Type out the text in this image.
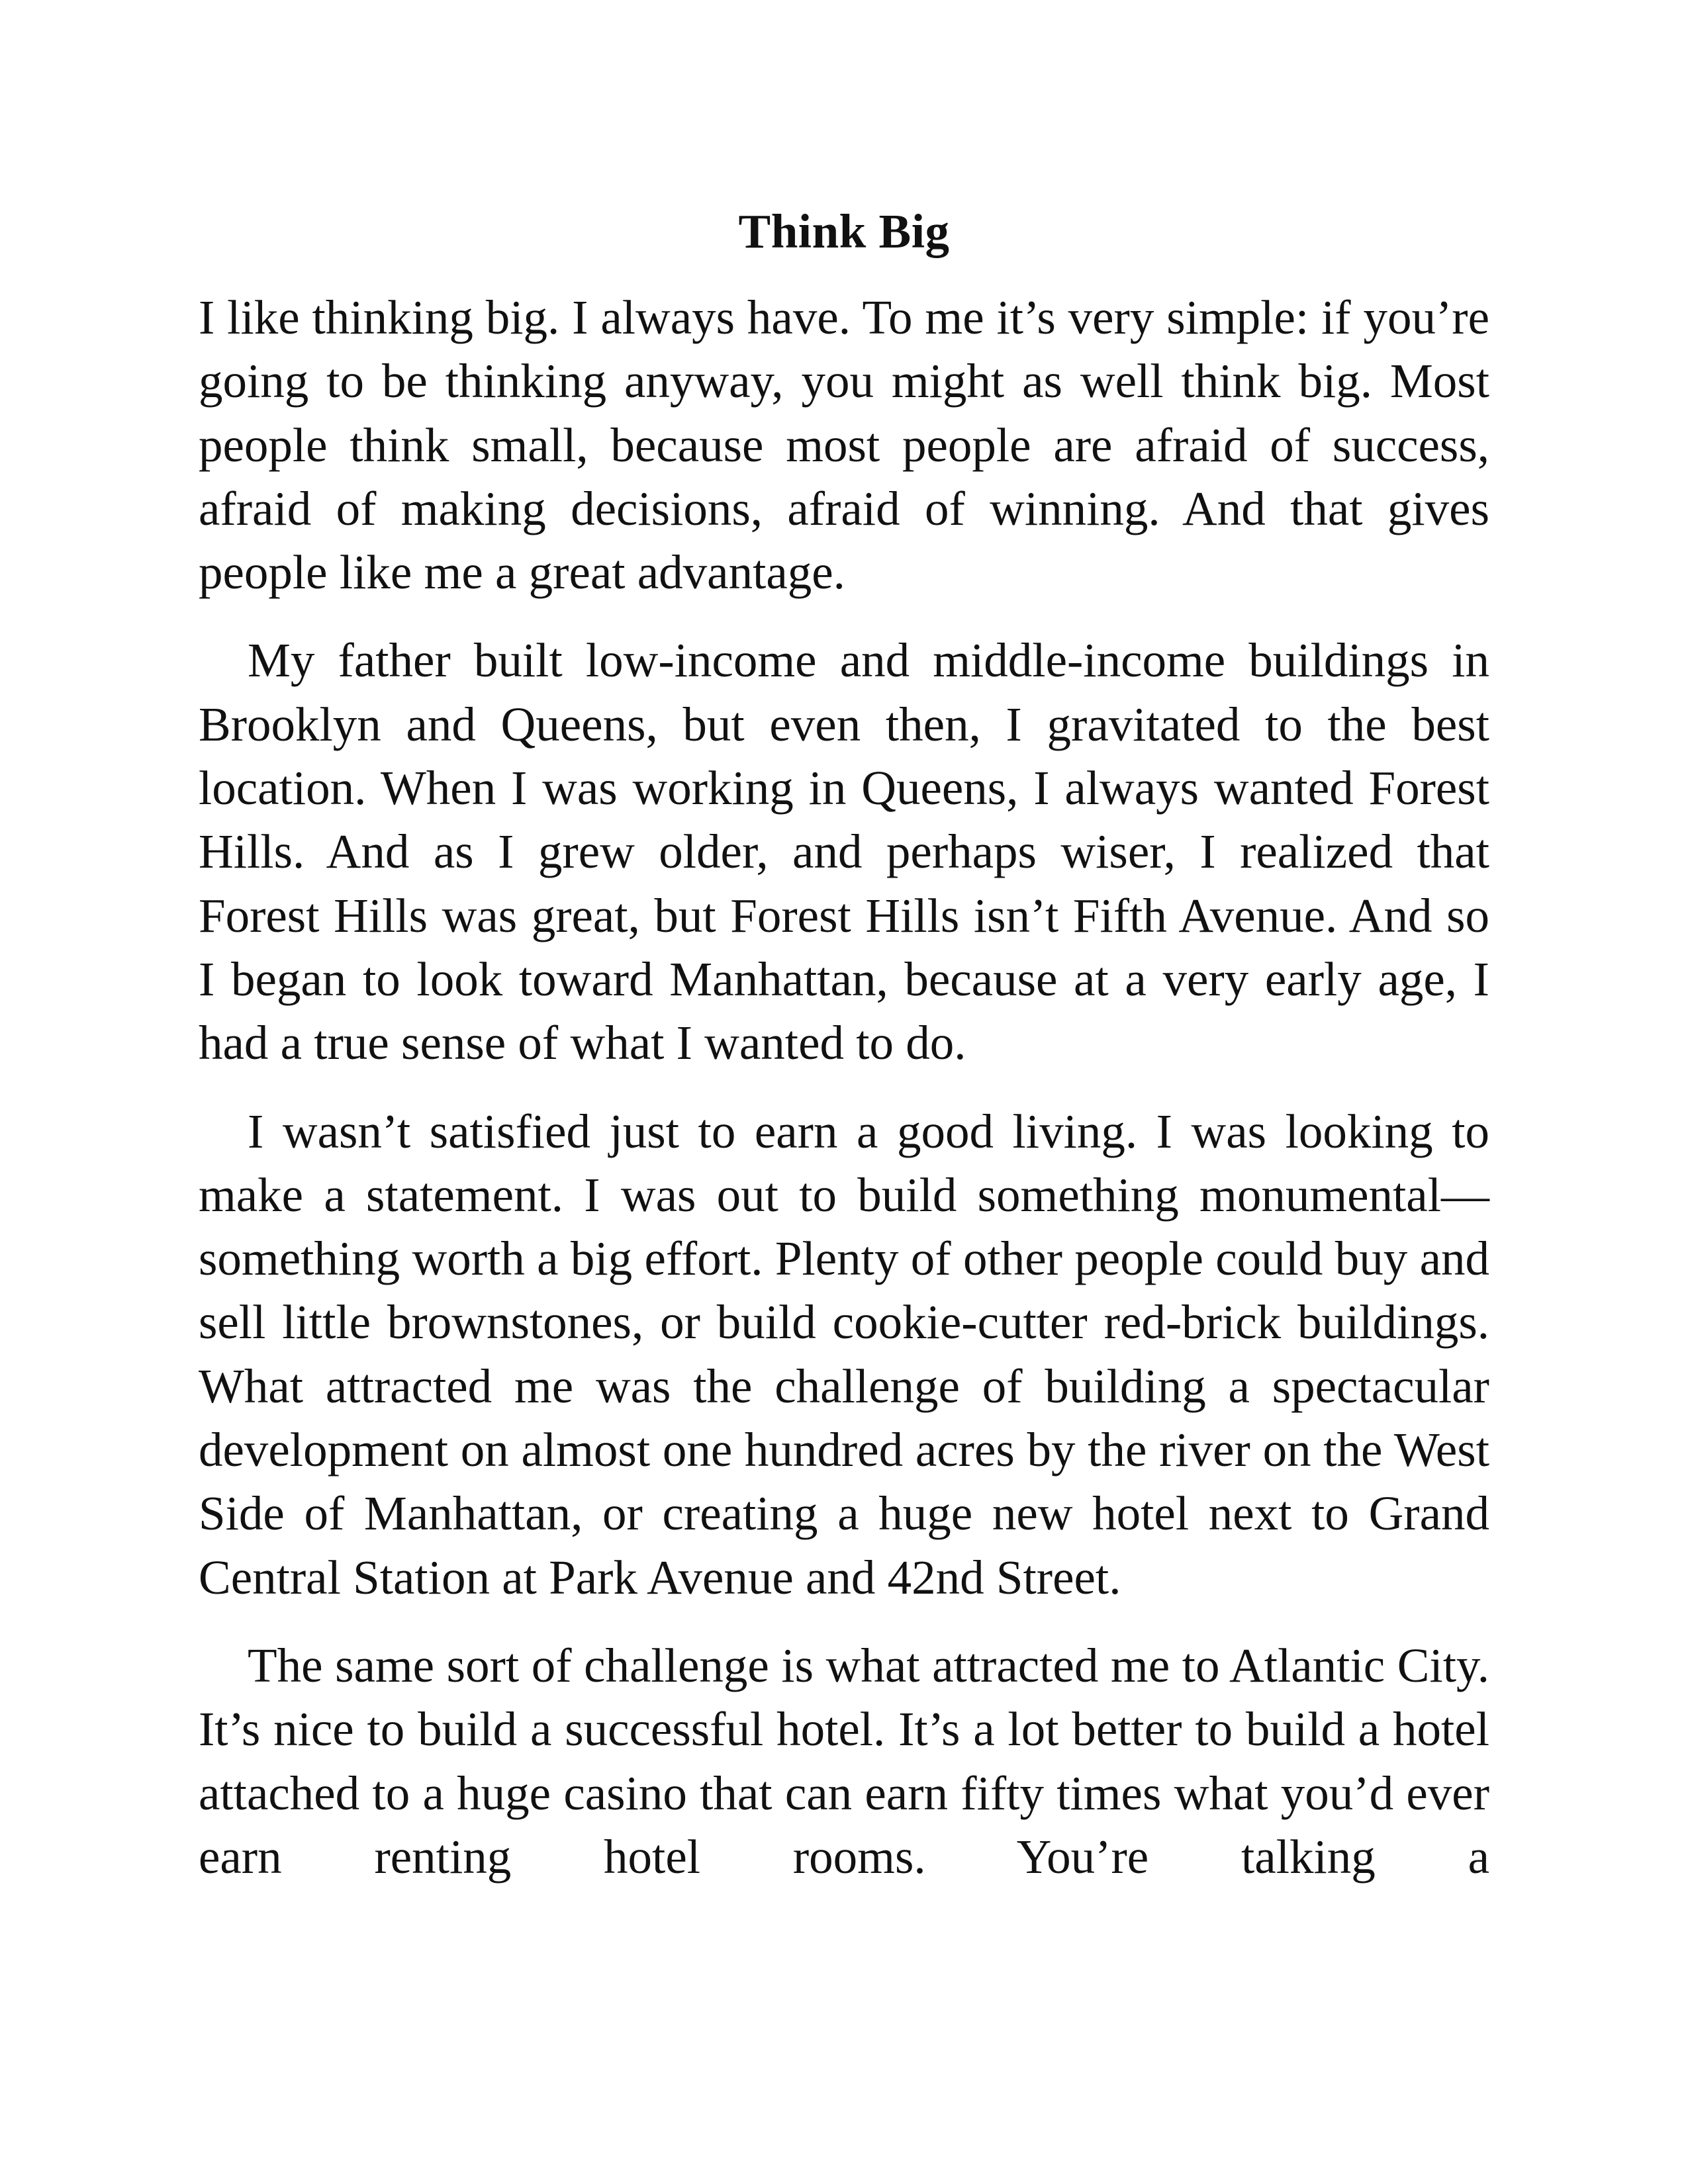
Think Big

I like thinking big. I always have. To me it’s very simple: if you’re going to be thinking anyway, you might as well think big. Most people think small, because most people are afraid of success, afraid of making decisions, afraid of winning. And that gives people like me a great advantage.

My father built low-income and middle-income buildings in Brooklyn and Queens, but even then, I gravitated to the best location. When I was working in Queens, I always wanted Forest Hills. And as I grew older, and perhaps wiser, I realized that Forest Hills was great, but Forest Hills isn’t Fifth Avenue. And so I began to look toward Manhattan, because at a very early age, I had a true sense of what I wanted to do.

I wasn’t satisfied just to earn a good living. I was looking to make a statement. I was out to build something monumental—something worth a big effort. Plenty of other people could buy and sell little brownstones, or build cookie-cutter red-brick buildings. What attracted me was the challenge of building a spectacular development on almost one hundred acres by the river on the West Side of Manhattan, or creating a huge new hotel next to Grand Central Station at Park Avenue and 42nd Street.

The same sort of challenge is what attracted me to Atlantic City. It’s nice to build a successful hotel. It’s a lot better to build a hotel attached to a huge casino that can earn fifty times what you’d ever earn renting hotel rooms. You’re talking a
